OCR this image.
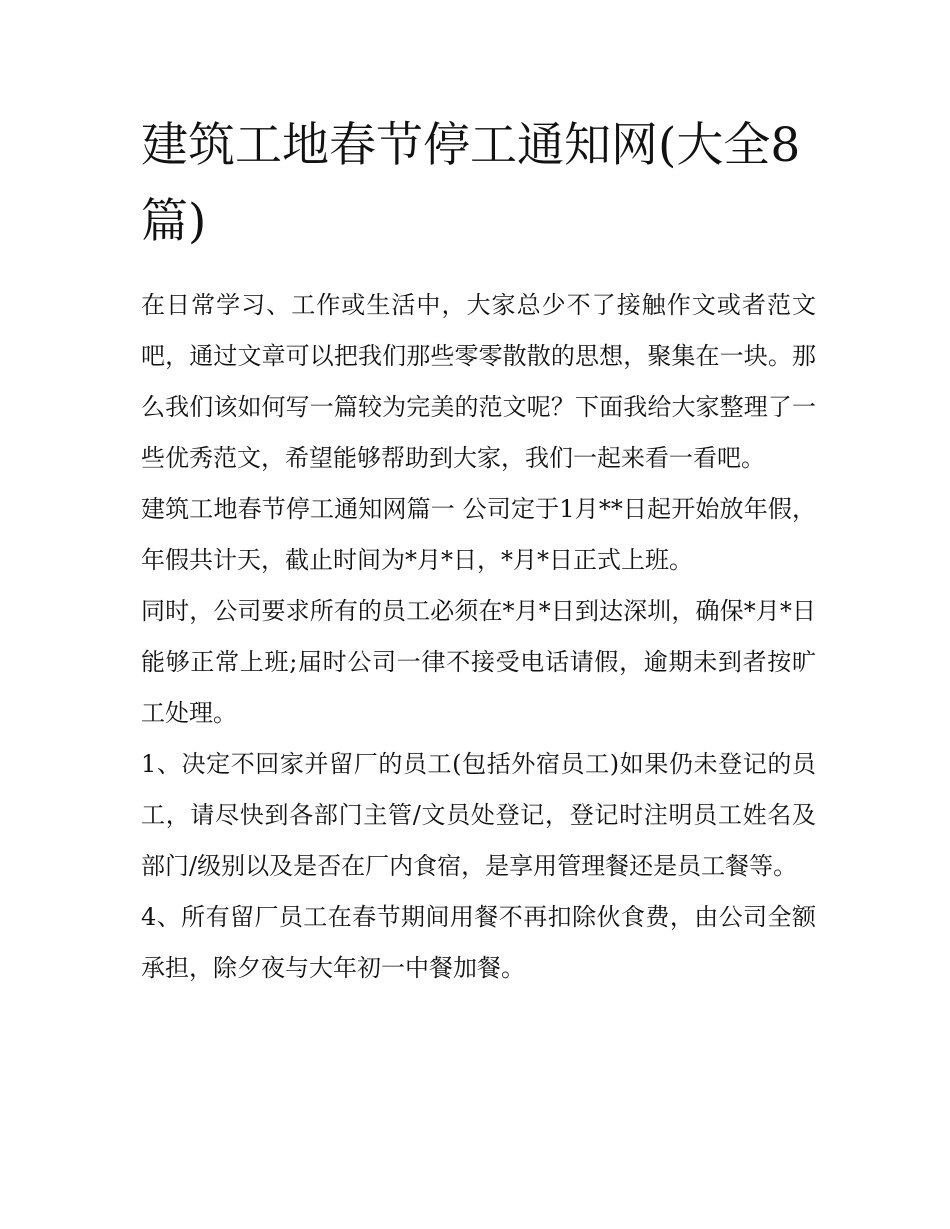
建筑工地春节停工通知网(大全8篇)

在日常学习、工作或生活中，大家总少不了接触作文或者范文吧，通过文章可以把我们那些零零散散的思想，聚集在一块。那么我们该如何写一篇较为完美的范文呢？下面我给大家整理了一些优秀范文，希望能够帮助到大家，我们一起来看一看吧。

建筑工地春节停工通知网篇一 公司定于1月**日起开始放年假，年假共计天，截止时间为*月*日，*月*日正式上班。

同时，公司要求所有的员工必须在*月*日到达深圳，确保*月*日能够正常上班;届时公司一律不接受电话请假，逾期未到者按旷工处理。

1、决定不回家并留厂的员工(包括外宿员工)如果仍未登记的员工，请尽快到各部门主管/文员处登记，登记时注明员工姓名及部门/级别以及是否在厂内食宿，是享用管理餐还是员工餐等。

4、所有留厂员工在春节期间用餐不再扣除伙食费，由公司全额承担，除夕夜与大年初一中餐加餐。
